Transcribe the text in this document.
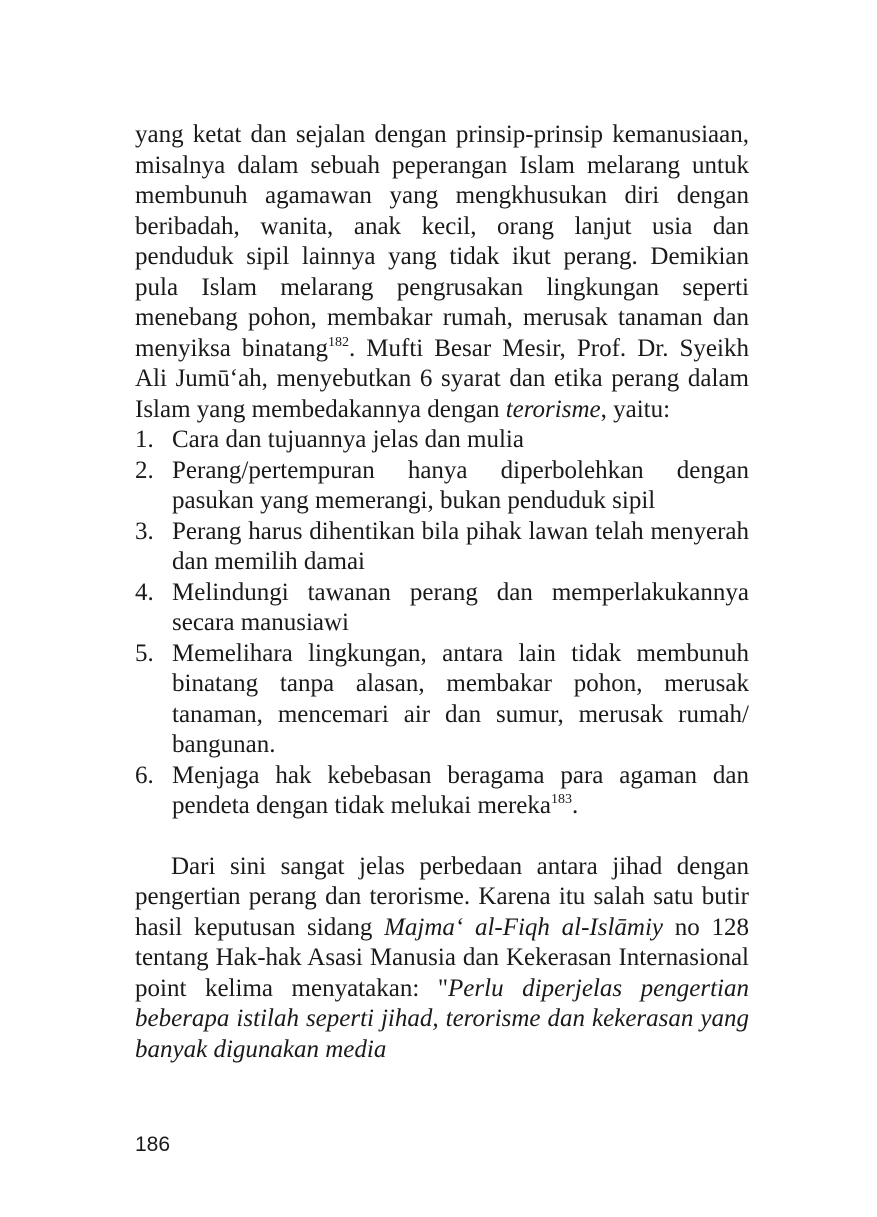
yang ketat dan sejalan dengan prinsip-prinsip kemanusiaan, misalnya dalam sebuah peperangan Islam melarang untuk membunuh agamawan yang mengkhusukan diri dengan beribadah, wanita, anak kecil, orang lanjut usia dan penduduk sipil lainnya yang tidak ikut perang. Demikian pula Islam melarang pengrusakan lingkungan seperti menebang pohon, membakar rumah, merusak tanaman dan menyiksa binatang$^{182}$. Mufti Besar Mesir, Prof. Dr. Syeikh Ali Jumū‘ah, menyebutkan 6 syarat dan etika perang dalam Islam yang membedakannya dengan terorisme, yaitu:

1. Cara dan tujuannya jelas dan mulia
2. Perang/pertempuran hanya diperbolehkan dengan pasukan yang memerangi, bukan penduduk sipil
3. Perang harus dihentikan bila pihak lawan telah menyerah dan memilih damai
4. Melindungi tawanan perang dan memperlakukannya secara manusiawi
5. Memelihara lingkungan, antara lain tidak membunuh binatang tanpa alasan, membakar pohon, merusak tanaman, mencemari air dan sumur, merusak rumah/ bangunan.
6. Menjaga hak kebebasan beragama para agaman dan pendeta dengan tidak melukai mereka$^{183}$.

Dari sini sangat jelas perbedaan antara jihad dengan pengertian perang dan terorisme. Karena itu salah satu butir hasil keputusan sidang Majma‘ al-Fiqh al-Islāmiy no 128 tentang Hak-hak Asasi Manusia dan Kekerasan Internasional point kelima menyatakan: "Perlu diperjelas pengertian beberapa istilah seperti jihad, terorisme dan kekerasan yang banyak digunakan media

186
